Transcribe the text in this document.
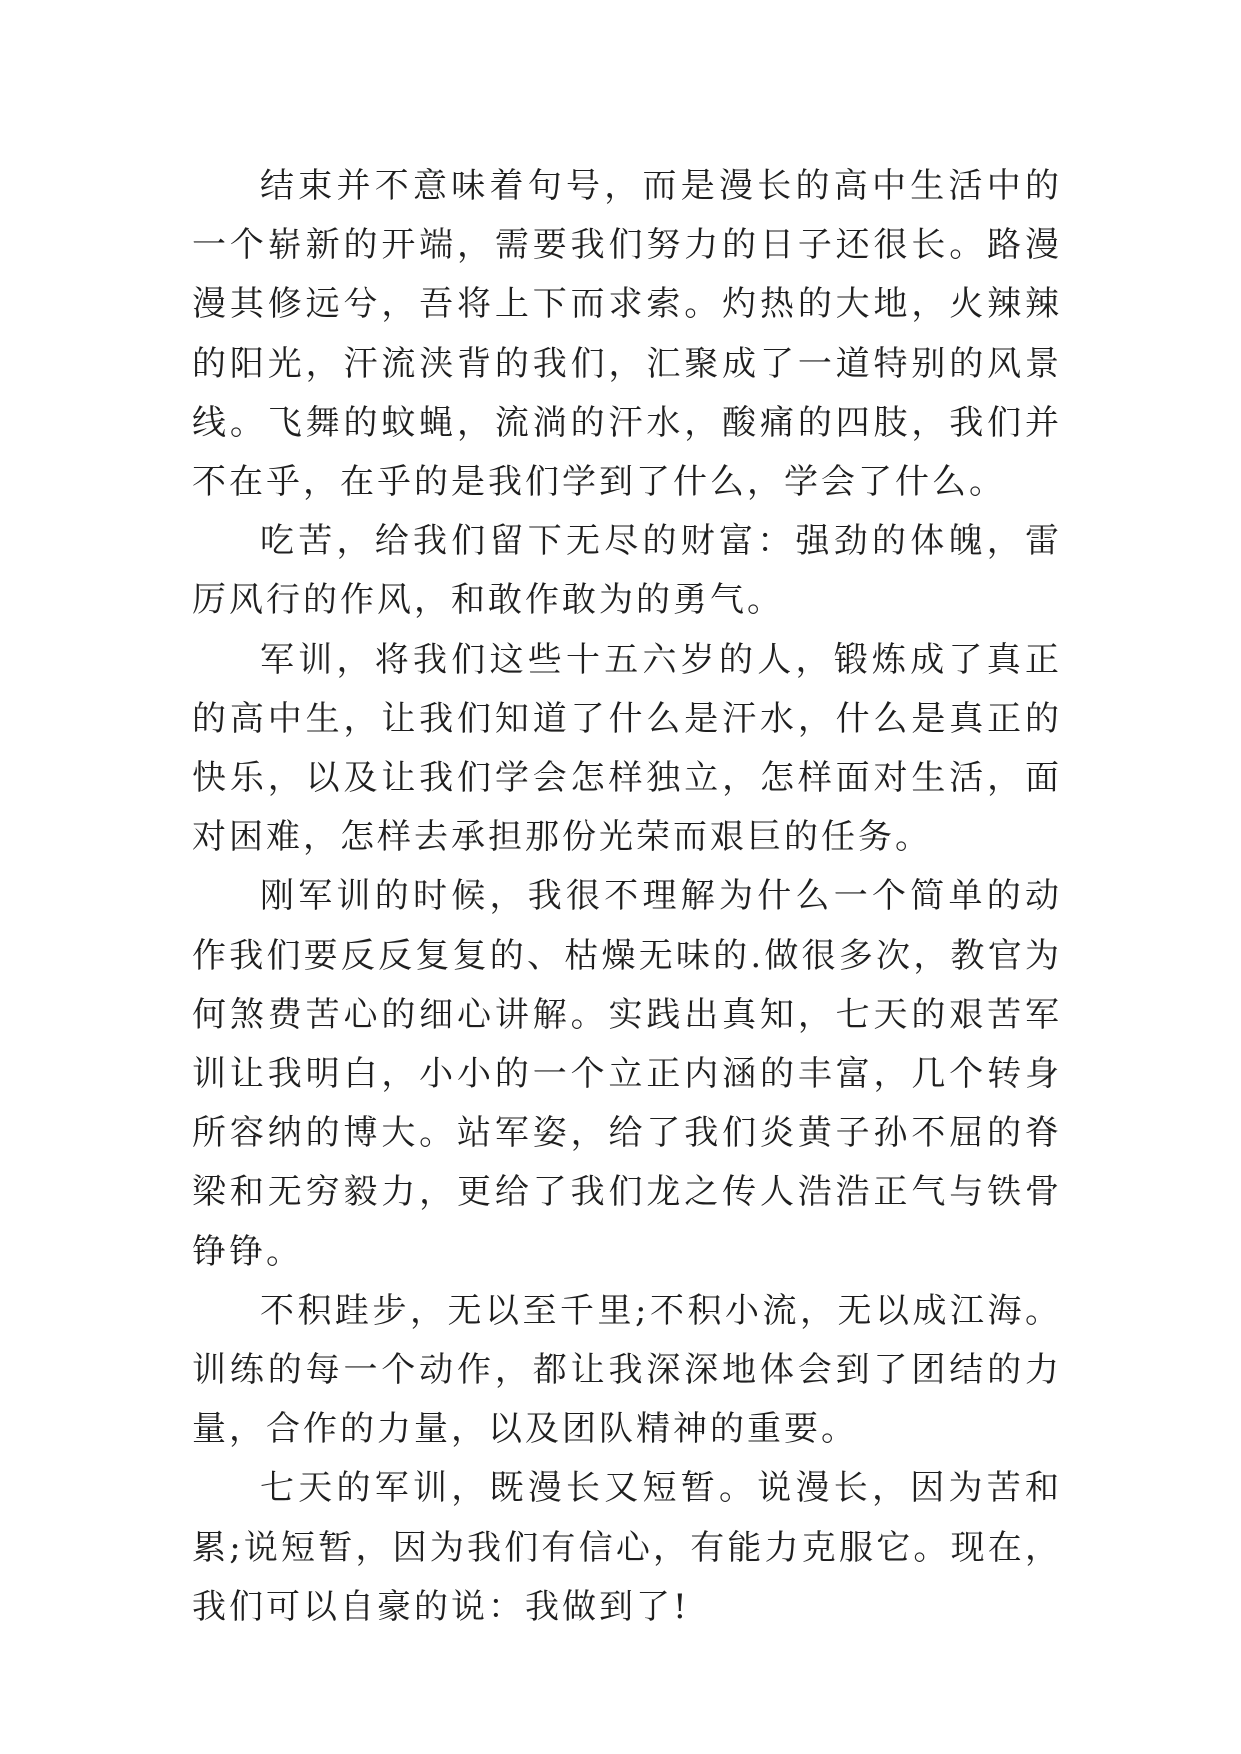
结束并不意味着句号，而是漫长的高中生活中的一个崭新的开端，需要我们努力的日子还很长。路漫漫其修远兮，吾将上下而求索。灼热的大地，火辣辣的阳光，汗流浃背的我们，汇聚成了一道特别的风景线。飞舞的蚊蝇，流淌的汗水，酸痛的四肢，我们并不在乎，在乎的是我们学到了什么，学会了什么。

吃苦，给我们留下无尽的财富：强劲的体魄，雷厉风行的作风，和敢作敢为的勇气。

军训，将我们这些十五六岁的人，锻炼成了真正的高中生，让我们知道了什么是汗水，什么是真正的快乐，以及让我们学会怎样独立，怎样面对生活，面对困难，怎样去承担那份光荣而艰巨的任务。

刚军训的时候，我很不理解为什么一个简单的动作我们要反反复复的、枯燥无味的.做很多次，教官为何煞费苦心的细心讲解。实践出真知，七天的艰苦军训让我明白，小小的一个立正内涵的丰富，几个转身所容纳的博大。站军姿，给了我们炎黄子孙不屈的脊梁和无穷毅力，更给了我们龙之传人浩浩正气与铁骨铮铮。

不积跬步，无以至千里;不积小流，无以成江海。训练的每一个动作，都让我深深地体会到了团结的力量，合作的力量，以及团队精神的重要。

七天的军训，既漫长又短暂。说漫长，因为苦和累;说短暂，因为我们有信心，有能力克服它。现在，我们可以自豪的说：我做到了!
